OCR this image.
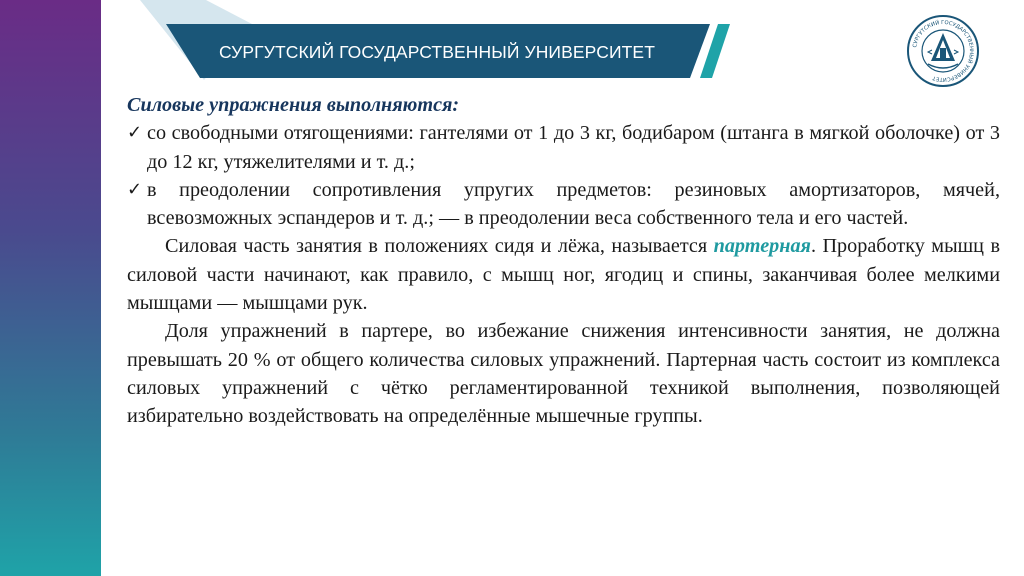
СУРГУТСКИЙ ГОСУДАРСТВЕННЫЙ УНИВЕРСИТЕТ	СУРГУТСКИЙ ГОСУДАРСТВЕННЫЙ УНИВЕРСИТЕТ

Силовые упражнения выполняются:

✓ со свободными отягощениями: гантелями от 1 до 3 кг, бодибаром (штанга в мягкой оболочке) от 3 до 12 кг, утяжелителями и т. д.;

✓ в преодолении сопротивления упругих предметов: резиновых амортизаторов, мячей, всевозможных эспандеров и т. д.; — в преодолении веса собственного тела и его частей.

Силовая часть занятия в положениях сидя и лёжа, называется партерная. Проработку мышц в силовой части начинают, как правило, с мышц ног, ягодиц и спины, заканчивая более мелкими мышцами — мышцами рук.

Доля упражнений в партере, во избежание снижения интенсивности занятия, не должна превышать 20 % от общего количества силовых упражнений. Партерная часть состоит из комплекса силовых упражнений с чётко регламентированной техникой выполнения, позволяющей избирательно воздействовать на определённые мышечные группы.
